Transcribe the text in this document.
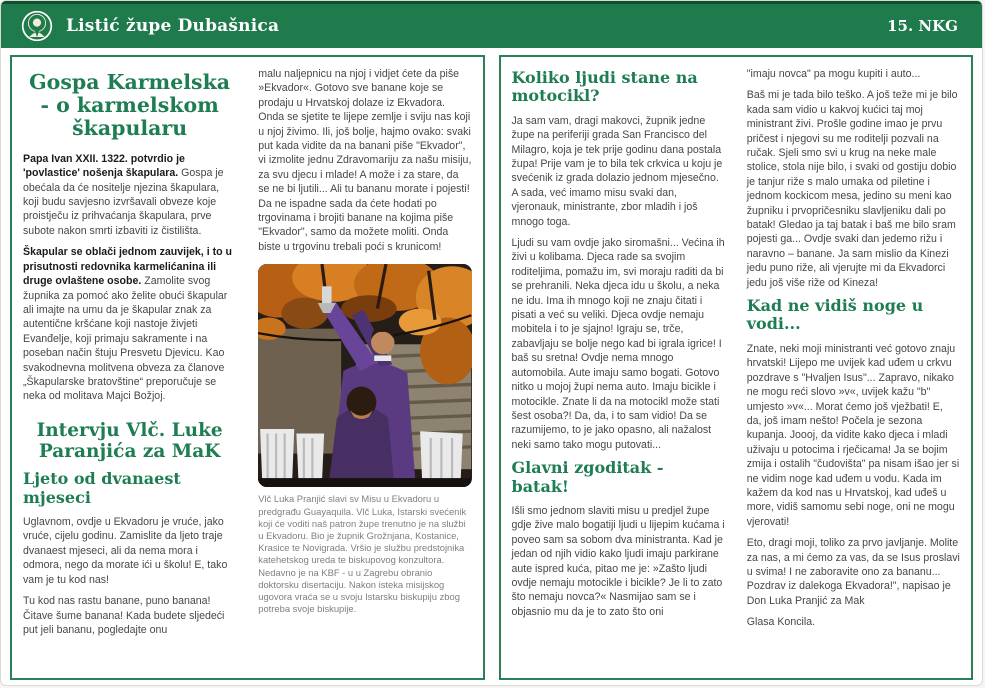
Listić župe Dubašnica	15. NKG
Gospa Karmelska - o karmelskom škapularu

Papa Ivan XXII. 1322. potvrdio je 'povlastice' nošenja škapulara. Gospa je obećala da će nositelje njezina škapulara, koji budu savjesno izvršavali obveze koje proistječu iz prihvaćanja škapulara, prve subote nakon smrti izbaviti iz čistilišta.

Škapular se oblači jednom zauvijek, i to u prisutnosti redovnika karmelićanina ili druge ovlaštene osobe. Zamolite svog župnika za pomoć ako želite obući škapular ali imajte na umu da je škapular znak za autentične kršćane koji nastoje živjeti Evanđelje, koji primaju sakramente i na poseban način štuju Presvetu Djevicu. Kao svakodnevna molitvena obveza za članove „Škapularske bratovštine“ preporučuje se neka od molitava Majci Božjoj.

Intervju Vlč. Luke Paranjića za MaK
Ljeto od dvanaest mjeseci

Uglavnom, ovdje u Ekvadoru je vruće, jako vruće, cijelu godinu. Zamislite da ljeto traje dvanaest mjeseci, ali da nema mora i odmora, nego da morate ići u školu! E, tako vam je tu kod nas!

Tu kod nas rastu banane, puno banana! Čitave šume banana! Kada budete sljedeći put jeli bananu, pogledajte onu

malu naljepnicu na njoj i vidjet ćete da piše »Ekvador«. Gotovo sve banane koje se prodaju u Hrvatskoj dolaze iz Ekvadora. Onda se sjetite te lijepe zemlje i sviju nas koji u njoj živimo. Ili, još bolje, hajmo ovako: svaki put kada vidite da na banani piše "Ekvador", vi izmolite jednu Zdravomariju za našu misiju, za svu djecu i mlade! A može i za stare, da se ne bi ljutili... Ali tu bananu morate i pojesti! Da ne ispadne sada da ćete hodati po trgovinama i brojiti banane na kojima piše "Ekvador", samo da možete moliti. Onda biste u trgovinu trebali poći s krunicom!

Vlč Luka Pranjić slavi sv Misu u Ekvadoru u predgrađu Guayaquila. Vlč Luka, Istarski svećenik koji će voditi naš patron župe trenutno je na službi u Ekvadoru. Bio je župnik Grožnjana, Kostanice, Krasice te Novigrada. Vršio je službu predstojnika katehetskog ureda te biskupovog konzultora. Nedavno je na KBF - u u Zagrebu obranio doktorsku disertaciju. Nakon isteka misijskog ugovora vraća se u svoju Istarsku biskupiju zbog potreba svoje biskupije.

Koliko ljudi stane na motocikl?

Ja sam vam, dragi makovci, župnik jedne župe na periferiji grada San Francisco del Milagro, koja je tek prije godinu dana postala župa! Prije vam je to bila tek crkvica u koju je svećenik iz grada dolazio jednom mjesečno. A sada, već imamo misu svaki dan, vjeronauk, ministrante, zbor mladih i još mnogo toga.

Ljudi su vam ovdje jako siromašni... Većina ih živi u kolibama. Djeca rade sa svojim roditeljima, pomažu im, svi moraju raditi da bi se prehranili. Neka djeca idu u školu, a neka ne idu. Ima ih mnogo koji ne znaju čitati i pisati a već su veliki. Djeca ovdje nemaju mobitela i to je sjajno! Igraju se, trče, zabavljaju se bolje nego kad bi igrala igrice! I baš su sretna! Ovdje nema mnogo automobila. Aute imaju samo bogati. Gotovo nitko u mojoj župi nema auto. Imaju bicikle i motocikle. Znate li da na motocikl može stati šest osoba?! Da, da, i to sam vidio! Da se razumijemo, to je jako opasno, ali nažalost neki samo tako mogu putovati...

Glavni zgoditak - batak!

Išli smo jednom slaviti misu u predjel župe gdje žive malo bogatiji ljudi u lijepim kućama i poveo sam sa sobom dva ministranta. Kad je jedan od njih vidio kako ljudi imaju parkirane aute ispred kuća, pitao me je: »Zašto ljudi ovdje nemaju motocikle i bicikle? Je li to zato što nemaju novca?« Nasmijao sam se i objasnio mu da je to zato što oni

"imaju novca" pa mogu kupiti i auto...

Baš mi je tada bilo teško. A još teže mi je bilo kada sam vidio u kakvoj kućici taj moj ministrant živi. Prošle godine imao je prvu pričest i njegovi su me roditelji pozvali na ručak. Sjeli smo svi u krug na neke male stolice, stola nije bilo, i svaki od gostiju dobio je tanjur riže s malo umaka od piletine i jednom kockicom mesa, jedino su meni kao župniku i prvopričesniku slavljeniku dali po batak! Gledao ja taj batak i baš me bilo sram pojesti ga... Ovdje svaki dan jedemo rižu i naravno – banane. Ja sam mislio da Kinezi jedu puno riže, ali vjerujte mi da Ekvadorci jedu još više riže od Kineza!

Kad ne vidiš noge u vodi...

Znate, neki moji ministranti već gotovo znaju hrvatski! Lijepo me uvijek kad uđem u crkvu pozdrave s "Hvaljen Isus"... Zapravo, nikako ne mogu reći slovo »v«, uvijek kažu "b" umjesto »v«... Morat ćemo još vježbati! E, da, još imam nešto! Počela je sezona kupanja. Joooj, da vidite kako djeca i mladi uživaju u potocima i rječicama! Ja se bojim zmija i ostalih "čudovišta" pa nisam išao jer si ne vidim noge kad uđem u vodu. Kada im kažem da kod nas u Hrvatskoj, kad uđeš u more, vidiš samomu sebi noge, oni ne mogu vjerovati!

Eto, dragi moji, toliko za prvo javljanje. Molite za nas, a mi ćemo za vas, da se Isus proslavi u svima! I ne zaboravite ono za bananu... Pozdrav iz dalekoga Ekvadora!", napisao je Don Luka Pranjić za Mak

Glasa Koncila.
